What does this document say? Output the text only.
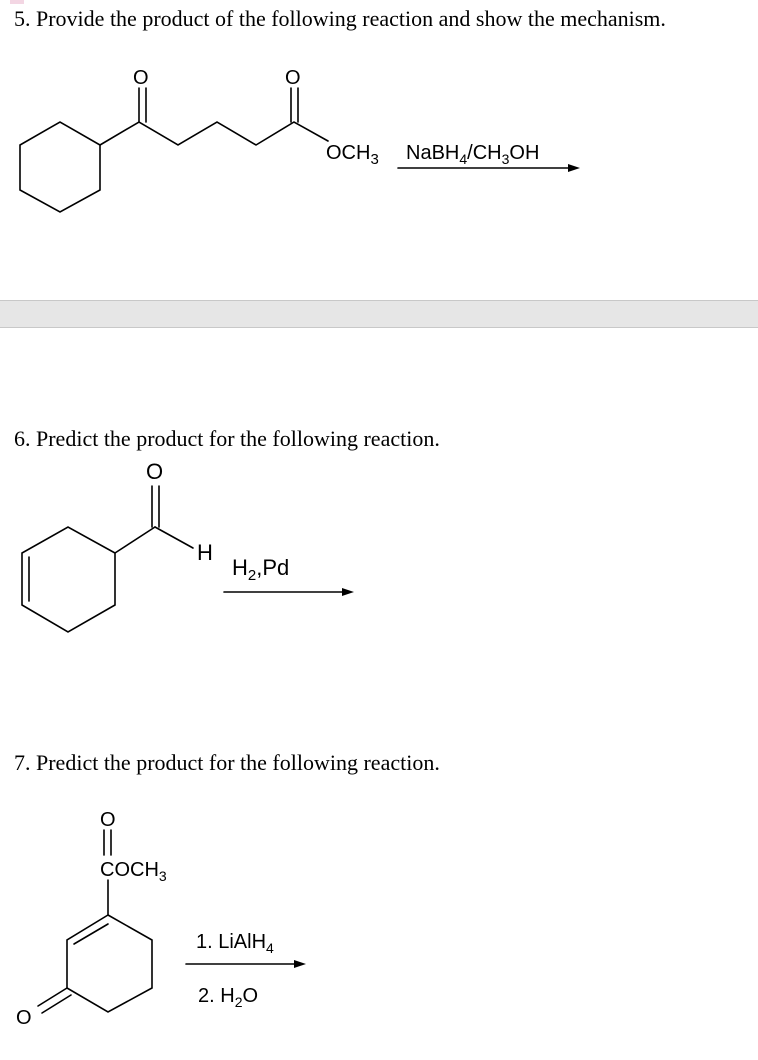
5. Provide the product of the following reaction and show the mechanism.
O	O
$OCH_3$ $NaBH_4/CH_3OH$
6. Predict the product for the following reaction.
O
H
$H_2,Pd$
7. Predict the product for the following reaction.
O
$COCH_3$
O
1. LiAlH$_4$
2. $H_2O$
